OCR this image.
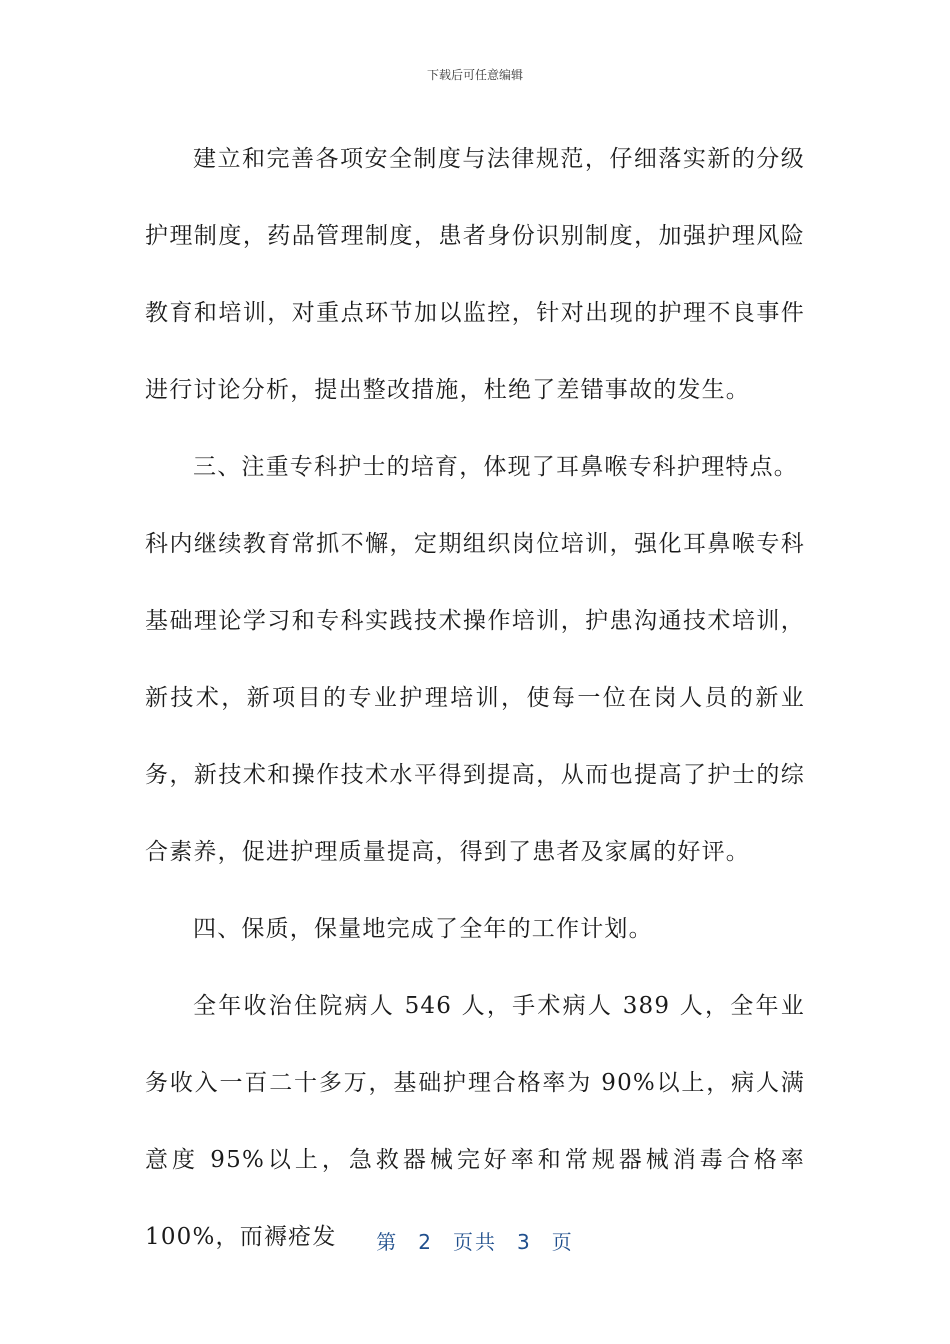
下载后可任意编辑

建立和完善各项安全制度与法律规范，仔细落实新的分级护理制度，药品管理制度，患者身份识别制度，加强护理风险教育和培训，对重点环节加以监控，针对出现的护理不良事件进行讨论分析，提出整改措施，杜绝了差错事故的发生。

三、注重专科护士的培育，体现了耳鼻喉专科护理特点。

科内继续教育常抓不懈，定期组织岗位培训，强化耳鼻喉专科基础理论学习和专科实践技术操作培训，护患沟通技术培训，新技术，新项目的专业护理培训，使每一位在岗人员的新业务，新技术和操作技术水平得到提高，从而也提高了护士的综合素养，促进护理质量提高，得到了患者及家属的好评。

四、保质，保量地完成了全年的工作计划。

全年收治住院病人 546 人，手术病人 389 人，全年业务收入一百二十多万，基础护理合格率为 90%以上，病人满意度 95%以上，急救器械完好率和常规器械消毒合格率 100%，而褥疮发	第 2 页共 3 页
